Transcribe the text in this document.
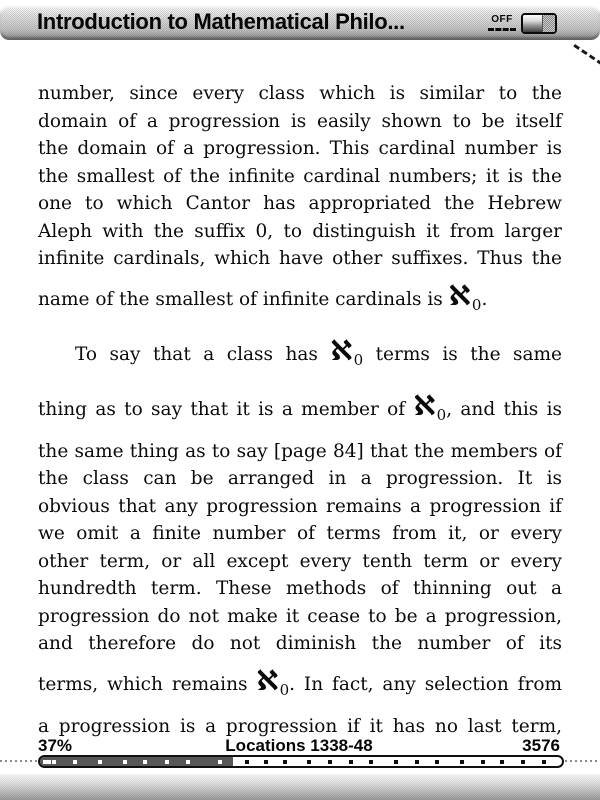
Introduction to Mathematical Philo...	OFF
number, since every class which is similar to the
domain of a progression is easily shown to be itself
the domain of a progression. This cardinal number is
the smallest of the infinite cardinal numbers; it is the
one to which Cantor has appropriated the Hebrew
Aleph with the suffix 0, to distinguish it from larger
infinite cardinals, which have other suffixes. Thus the
name of the smallest of infinite cardinals is ℵ0.
To say that a class has ℵ0 terms is the same
thing as to say that it is a member of ℵ0, and this is
the same thing as to say [page 84] that the members of
the class can be arranged in a progression. It is
obvious that any progression remains a progression if
we omit a finite number of terms from it, or every
other term, or all except every tenth term or every
hundredth term. These methods of thinning out a
progression do not make it cease to be a progression,
and therefore do not diminish the number of its
terms, which remains ℵ0. In fact, any selection from
a progression is a progression if it has no last term,
37%	Locations 1338-48	3576
